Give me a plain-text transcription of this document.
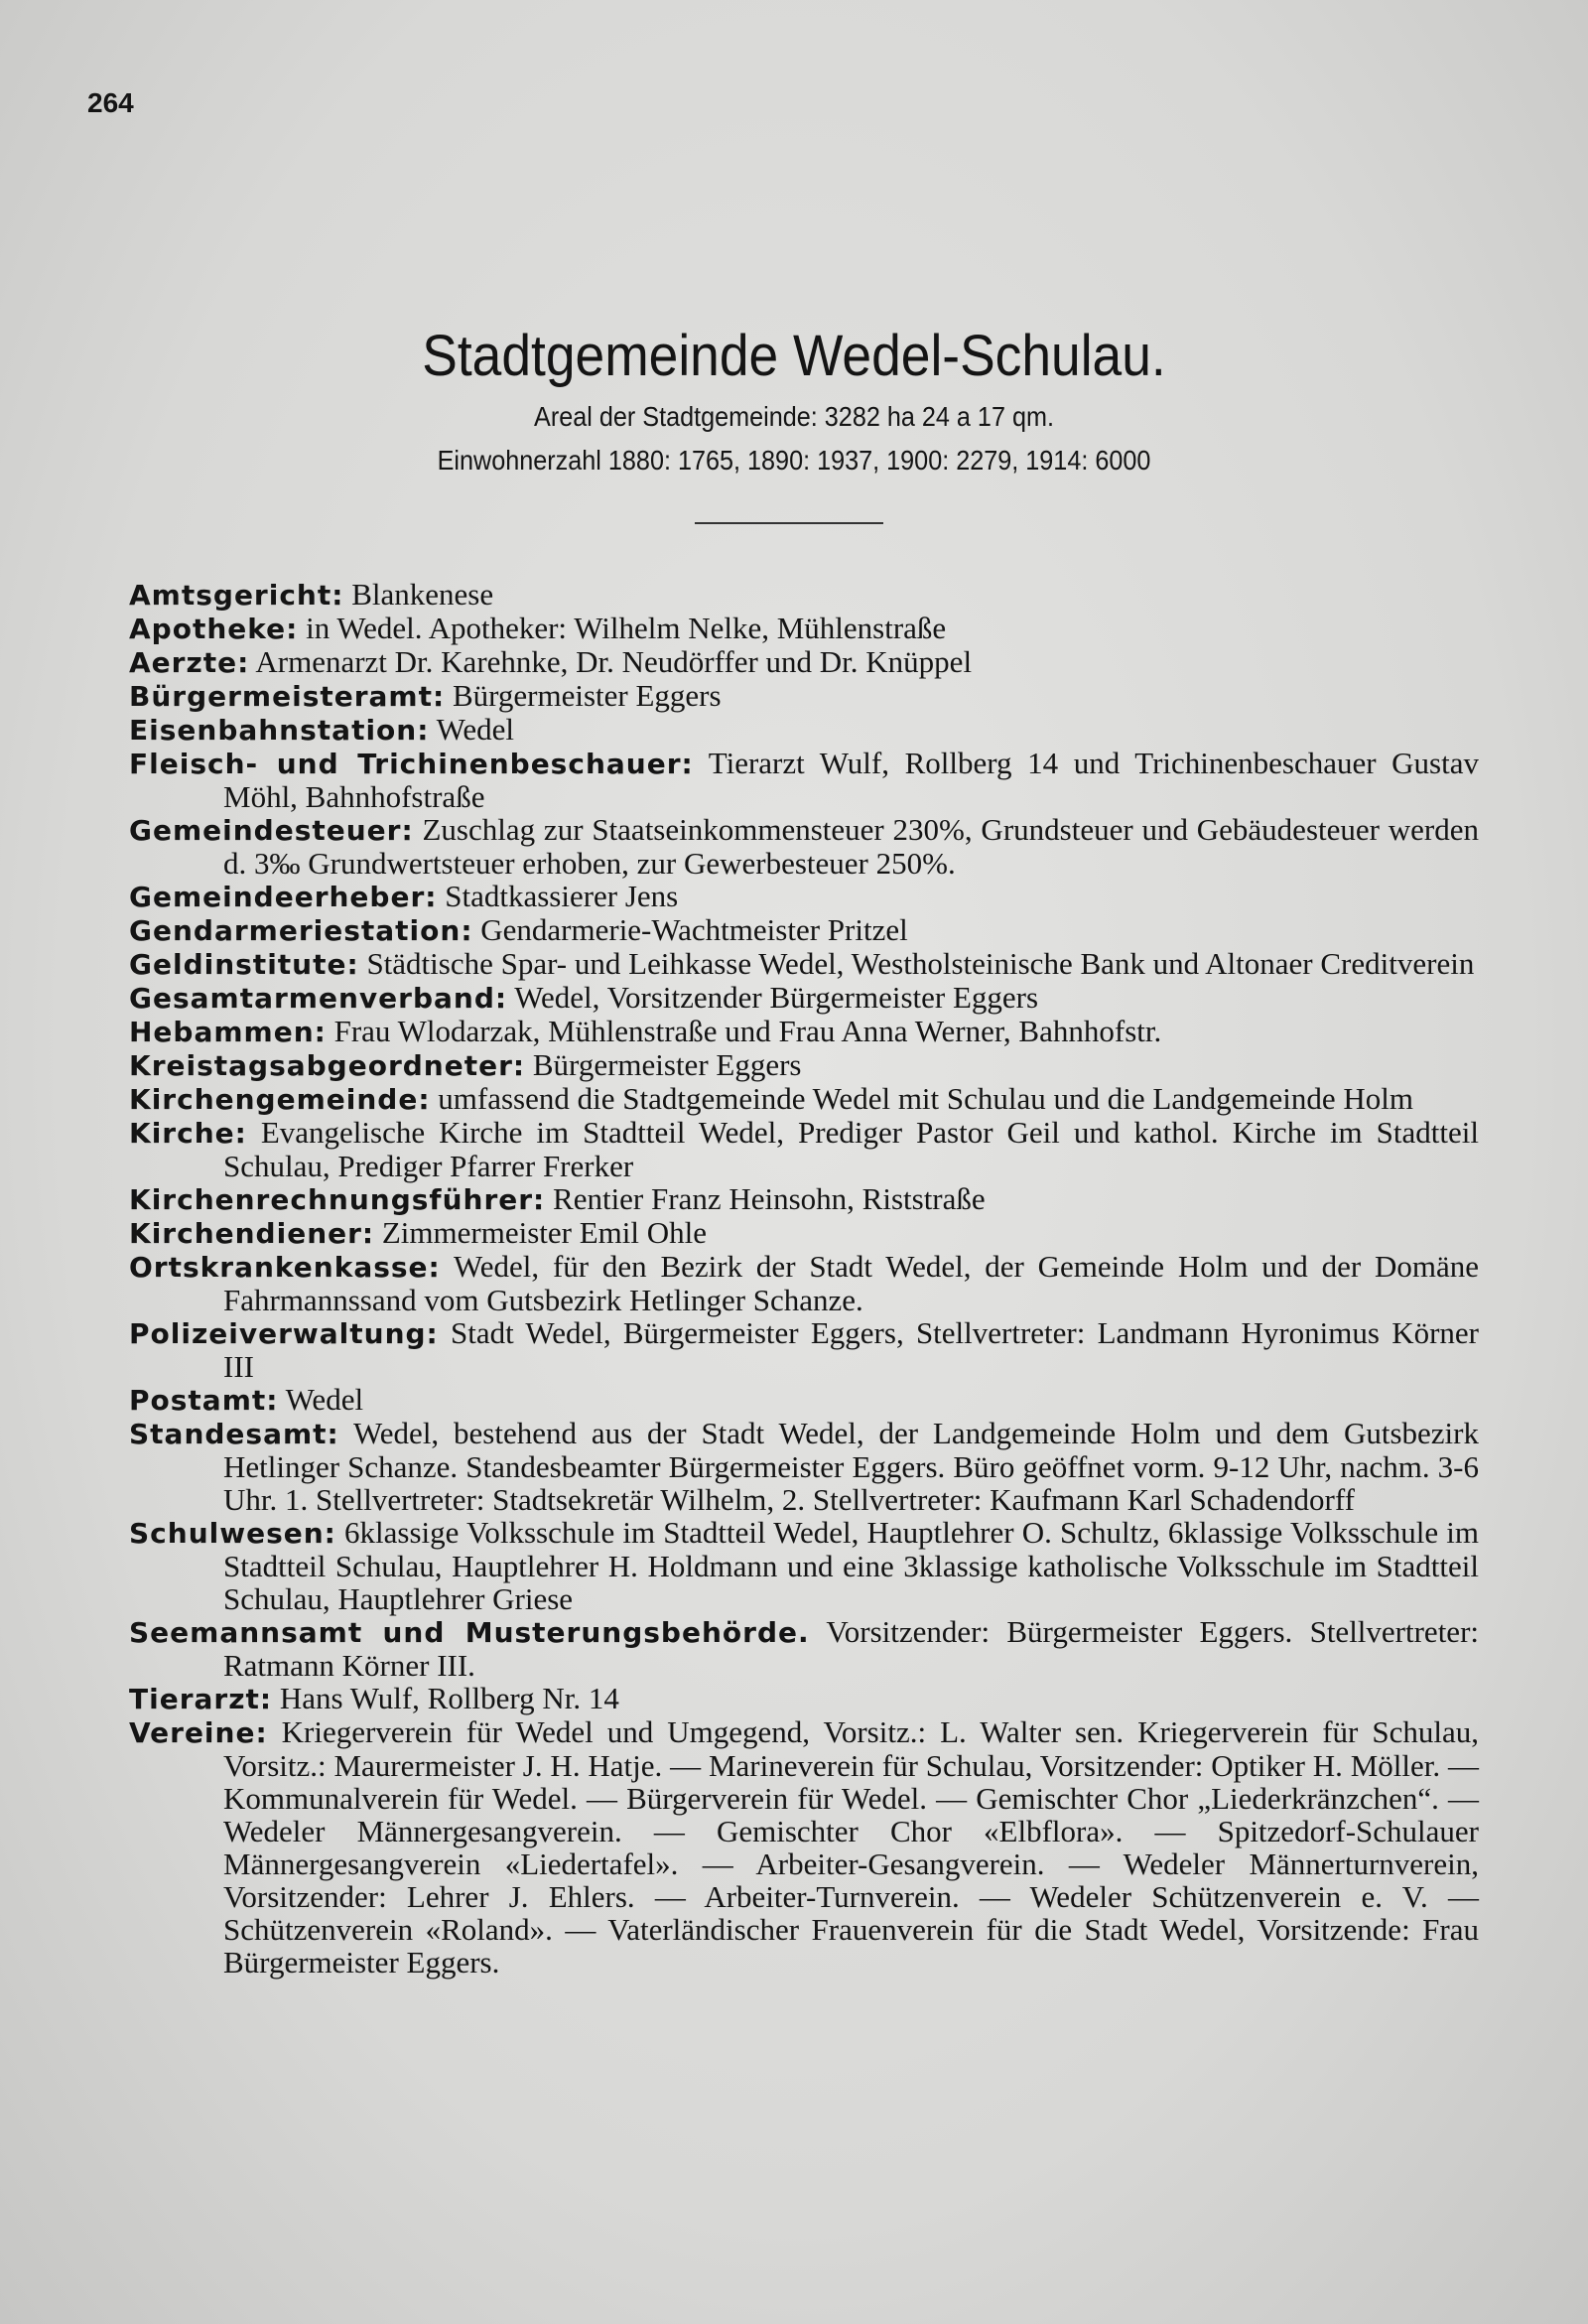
264

Stadtgemeinde Wedel-Schulau.

Areal der Stadtgemeinde: 3282 ha 24 a 17 qm.

Einwohnerzahl 1880: 1765, 1890: 1937, 1900: 2279, 1914: 6000

Amtsgericht: Blankenese
Apotheke: in Wedel. Apotheker: Wilhelm Nelke, Mühlenstraße
Aerzte: Armenarzt Dr. Karehnke, Dr. Neudörffer und Dr. Knüppel
Bürgermeisteramt: Bürgermeister Eggers
Eisenbahnstation: Wedel
Fleisch- und Trichinenbeschauer: Tierarzt Wulf, Rollberg 14 und Trichinenbeschauer Gustav Möhl, Bahnhofstraße
Gemeindesteuer: Zuschlag zur Staatseinkommensteuer 230%, Grundsteuer und Gebäudesteuer werden d. 3‰ Grundwertsteuer erhoben, zur Gewerbesteuer 250%.
Gemeindeerheber: Stadtkassierer Jens
Gendarmeriestation: Gendarmerie-Wachtmeister Pritzel
Geldinstitute: Städtische Spar- und Leihkasse Wedel, Westholsteinische Bank und Altonaer Creditverein
Gesamtarmenverband: Wedel, Vorsitzender Bürgermeister Eggers
Hebammen: Frau Wlodarzak, Mühlenstraße und Frau Anna Werner, Bahnhofstr.
Kreistagsabgeordneter: Bürgermeister Eggers
Kirchengemeinde: umfassend die Stadtgemeinde Wedel mit Schulau und die Landgemeinde Holm
Kirche: Evangelische Kirche im Stadtteil Wedel, Prediger Pastor Geil und kathol. Kirche im Stadtteil Schulau, Prediger Pfarrer Frerker
Kirchenrechnungsführer: Rentier Franz Heinsohn, Riststraße
Kirchendiener: Zimmermeister Emil Ohle
Ortskrankenkasse: Wedel, für den Bezirk der Stadt Wedel, der Gemeinde Holm und der Domäne Fahrmannssand vom Gutsbezirk Hetlinger Schanze.
Polizeiverwaltung: Stadt Wedel, Bürgermeister Eggers, Stellvertreter: Landmann Hyronimus Körner III
Postamt: Wedel
Standesamt: Wedel, bestehend aus der Stadt Wedel, der Landgemeinde Holm und dem Gutsbezirk Hetlinger Schanze. Standesbeamter Bürgermeister Eggers. Büro geöffnet vorm. 9-12 Uhr, nachm. 3-6 Uhr. 1. Stellvertreter: Stadtsekretär Wilhelm, 2. Stellvertreter: Kaufmann Karl Schadendorff
Schulwesen: 6klassige Volksschule im Stadtteil Wedel, Hauptlehrer O. Schultz, 6klassige Volksschule im Stadtteil Schulau, Hauptlehrer H. Holdmann und eine 3klassige katholische Volksschule im Stadtteil Schulau, Hauptlehrer Griese
Seemannsamt und Musterungsbehörde. Vorsitzender: Bürgermeister Eggers. Stellvertreter: Ratmann Körner III.
Tierarzt: Hans Wulf, Rollberg Nr. 14
Vereine: Kriegerverein für Wedel und Umgegend, Vorsitz.: L. Walter sen. Kriegerverein für Schulau, Vorsitz.: Maurermeister J. H. Hatje. — Marineverein für Schulau, Vorsitzender: Optiker H. Möller. — Kommunalverein für Wedel. — Bürgerverein für Wedel. — Gemischter Chor „Liederkränzchen“. — Wedeler Männergesangverein. — Gemischter Chor «Elbflora». — Spitzedorf-Schulauer Männergesangverein «Liedertafel». — Arbeiter-Gesangverein. — Wedeler Männerturnverein, Vorsitzender: Lehrer J. Ehlers. — Arbeiter-Turnverein. — Wedeler Schützenverein e. V. — Schützenverein «Roland». — Vaterländischer Frauenverein für die Stadt Wedel, Vorsitzende: Frau Bürgermeister Eggers.
